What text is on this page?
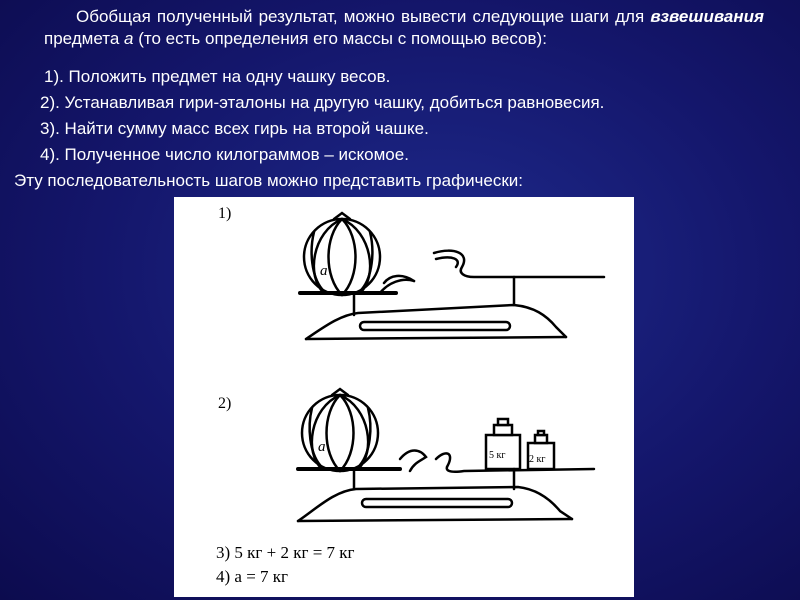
Обобщая полученный результат, можно вывести следующие шаги для взвешивания предмета а (то есть определения его массы с помощью весов):
1). Положить предмет на одну чашку весов.
2). Устанавливая гири-эталоны на другую чашку, добиться равновесия.
3). Найти сумму масс всех гирь на второй чашке.
4). Полученное число килограммов – искомое.
Эту последовательность шагов можно представить графически:
1)
2)
a
a
5 кг 2 кг
3) 5 кг + 2 кг = 7 кг
4) a = 7 кг
